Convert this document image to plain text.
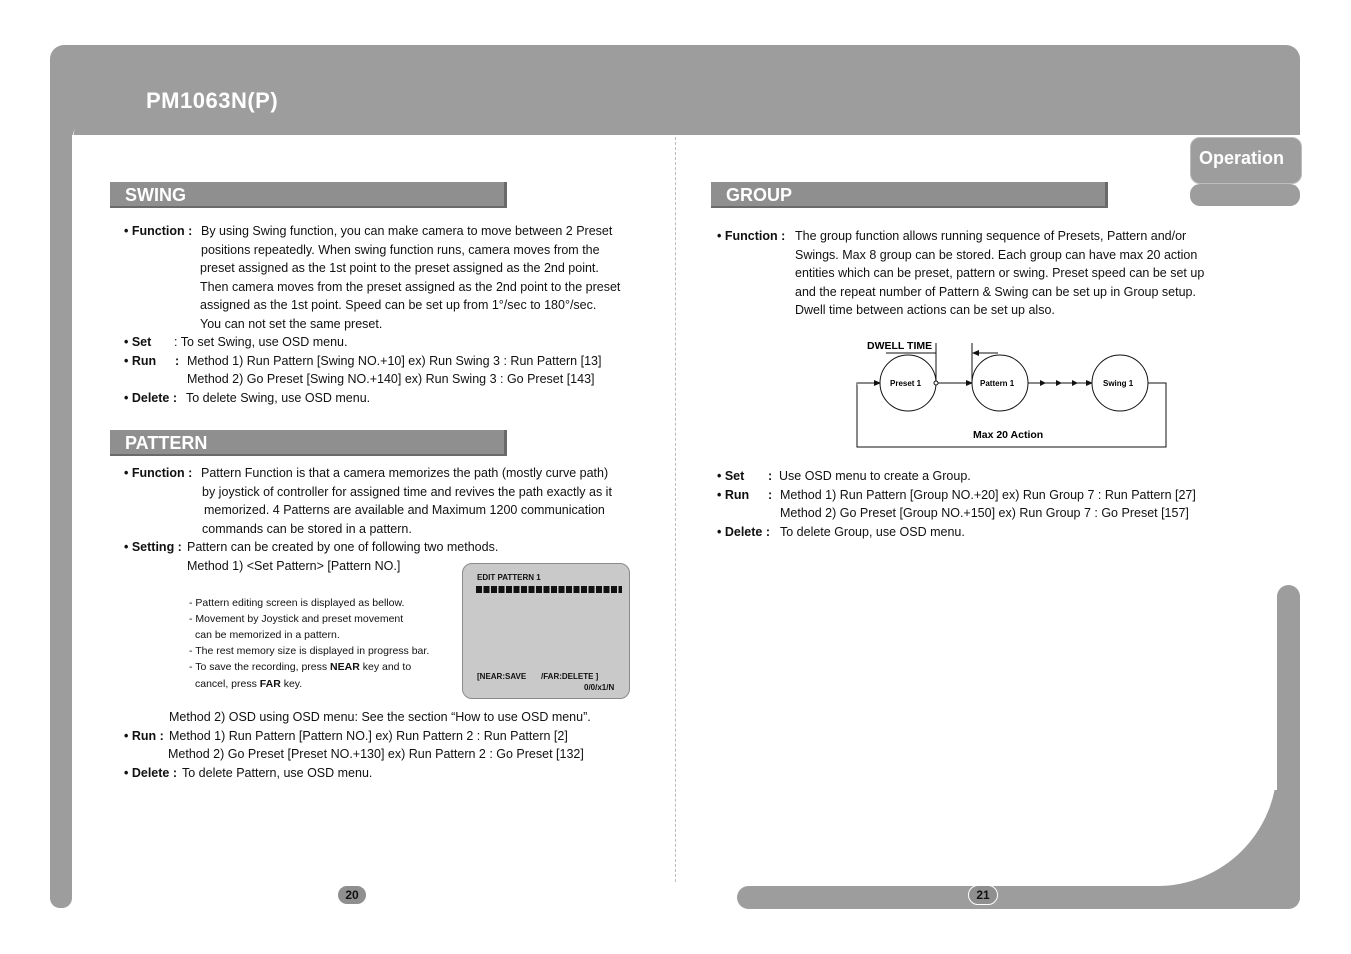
PM1063N(P)
Operation
SWING
• Function : By using Swing function, you can make camera to move between 2 Preset
positions repeatedly. When swing function runs, camera moves from the
preset assigned as the 1st point to the preset assigned as the 2nd point.
Then camera moves from the preset assigned as the 2nd point to the preset
assigned as the 1st point. Speed can be set up from 1°/sec to 180°/sec.
You can not set the same preset.
• Set : To set Swing, use OSD menu.
• Run : Method 1) Run Pattern [Swing NO.+10] ex) Run Swing 3 : Run Pattern [13]
Method 2) Go Preset [Swing NO.+140] ex) Run Swing 3 : Go Preset [143]
• Delete : To delete Swing, use OSD menu.
PATTERN
• Function : Pattern Function is that a camera memorizes the path (mostly curve path)
by joystick of controller for assigned time and revives the path exactly as it
memorized. 4 Patterns are available and Maximum 1200 communication
commands can be stored in a pattern.
• Setting : Pattern can be created by one of following two methods.
Method 1) <Set Pattern> [Pattern NO.]
- Pattern editing screen is displayed as bellow.
- Movement by Joystick and preset movement
can be memorized in a pattern.
- The rest memory size is displayed in progress bar.
- To save the recording, press NEAR key and to
cancel, press FAR key.
EDIT PATTERN 1
[NEAR:SAVE /FAR:DELETE ]
0/0/x1/N
Method 2) OSD using OSD menu: See the section “How to use OSD menu”.
• Run : Method 1) Run Pattern [Pattern NO.] ex) Run Pattern 2 : Run Pattern [2]
Method 2) Go Preset [Preset NO.+130] ex) Run Pattern 2 : Go Preset [132]
• Delete : To delete Pattern, use OSD menu.
GROUP
• Function : The group function allows running sequence of Presets, Pattern and/or
Swings. Max 8 group can be stored. Each group can have max 20 action
entities which can be preset, pattern or swing. Preset speed can be set up
and the repeat number of Pattern & Swing can be set up in Group setup.
Dwell time between actions can be set up also.
DWELL TIME
Preset 1	Pattern 1	Swing 1
Max 20 Action
• Set : Use OSD menu to create a Group.
• Run : Method 1) Run Pattern [Group NO.+20] ex) Run Group 7 : Run Pattern [27]
Method 2) Go Preset [Group NO.+150] ex) Run Group 7 : Go Preset [157]
• Delete : To delete Group, use OSD menu.
20	21
